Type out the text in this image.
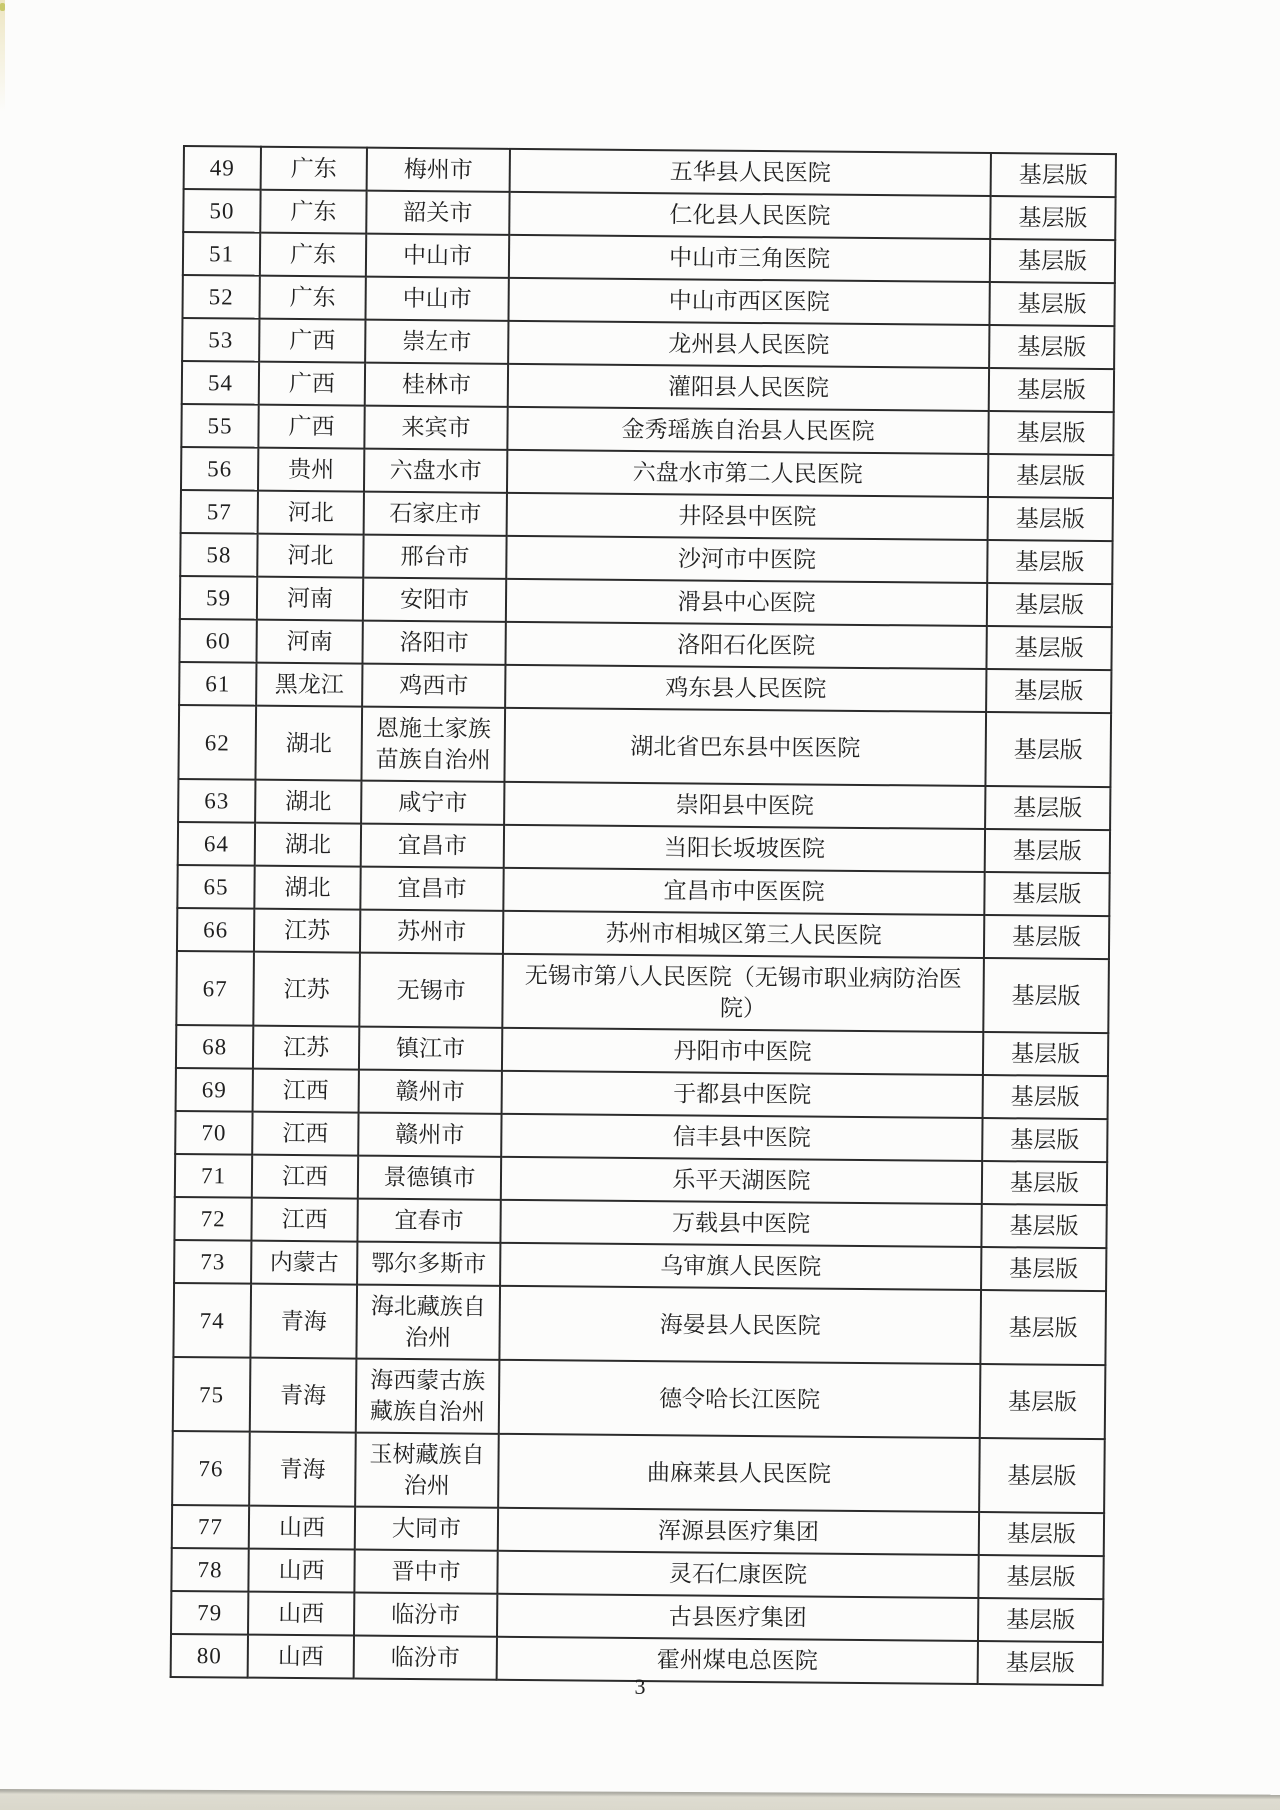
49	广东	梅州市	五华县人民医院	基层版
50	广东	韶关市	仁化县人民医院	基层版
51	广东	中山市	中山市三角医院	基层版
52	广东	中山市	中山市西区医院	基层版
53	广西	崇左市	龙州县人民医院	基层版
54	广西	桂林市	灌阳县人民医院	基层版
55	广西	来宾市	金秀瑶族自治县人民医院	基层版
56	贵州	六盘水市	六盘水市第二人民医院	基层版
57	河北	石家庄市	井陉县中医院	基层版
58	河北	邢台市	沙河市中医院	基层版
59	河南	安阳市	滑县中心医院	基层版
60	河南	洛阳市	洛阳石化医院	基层版
61	黑龙江	鸡西市	鸡东县人民医院	基层版
62	湖北	恩施土家族苗族自治州	湖北省巴东县中医医院	基层版
63	湖北	咸宁市	崇阳县中医院	基层版
64	湖北	宜昌市	当阳长坂坡医院	基层版
65	湖北	宜昌市	宜昌市中医医院	基层版
66	江苏	苏州市	苏州市相城区第三人民医院	基层版
67	江苏	无锡市	无锡市第八人民医院（无锡市职业病防治医院）	基层版
68	江苏	镇江市	丹阳市中医院	基层版
69	江西	赣州市	于都县中医院	基层版
70	江西	赣州市	信丰县中医院	基层版
71	江西	景德镇市	乐平天湖医院	基层版
72	江西	宜春市	万载县中医院	基层版
73	内蒙古	鄂尔多斯市	乌审旗人民医院	基层版
74	青海	海北藏族自治州	海晏县人民医院	基层版
75	青海	海西蒙古族藏族自治州	德令哈长江医院	基层版
76	青海	玉树藏族自治州	曲麻莱县人民医院	基层版
77	山西	大同市	浑源县医疗集团	基层版
78	山西	晋中市	灵石仁康医院	基层版
79	山西	临汾市	古县医疗集团	基层版
80	山西	临汾市	霍州煤电总医院	基层版
3
